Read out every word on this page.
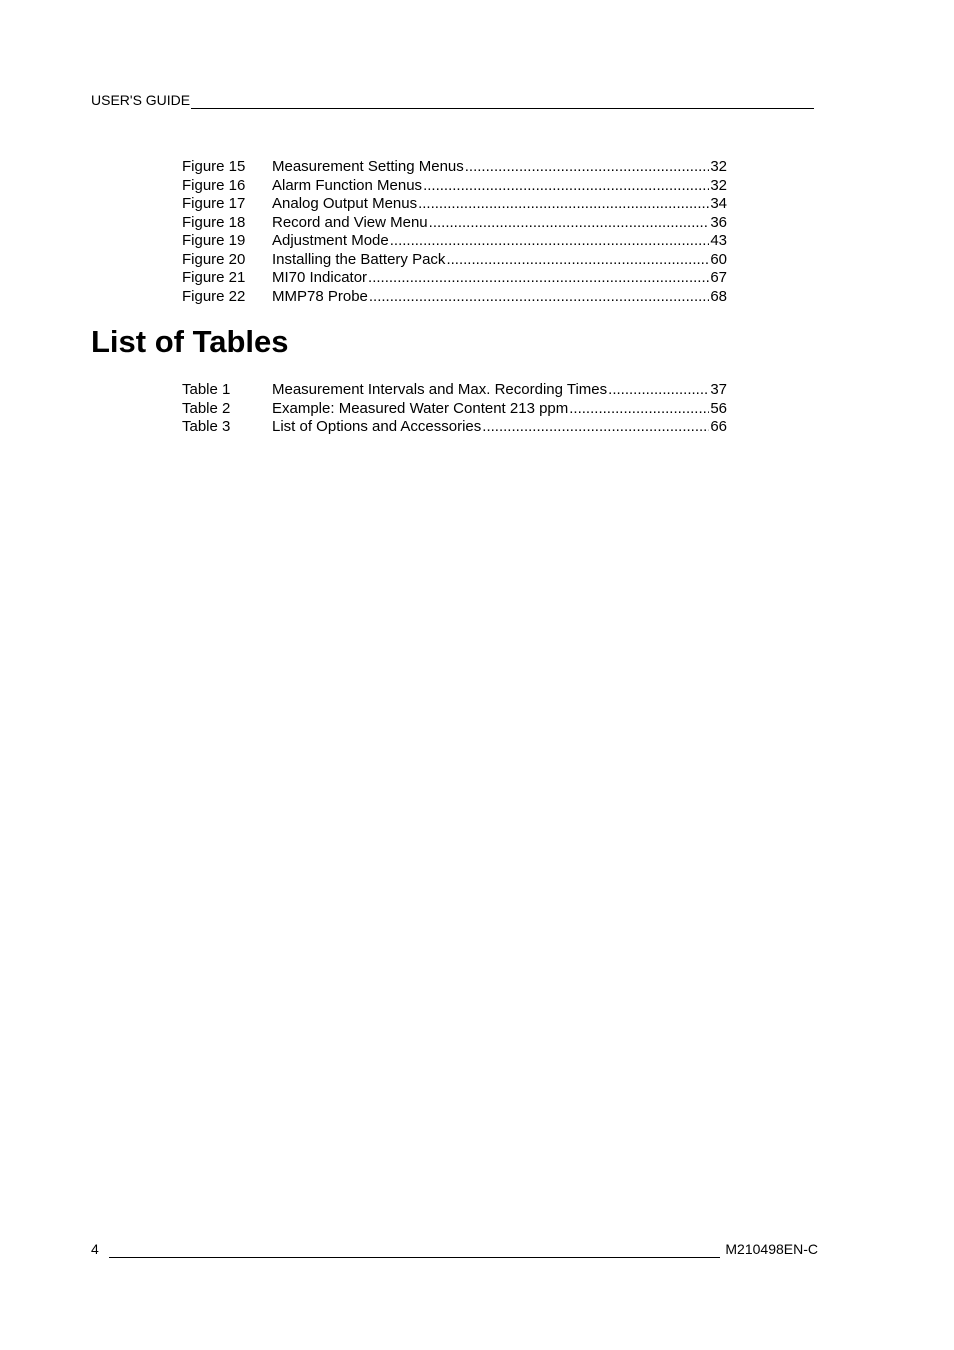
USER'S GUIDE
Figure 15	Measurement Setting Menus .....	32
Figure 16	Alarm Function Menus .....	32
Figure 17	Analog Output Menus .....	34
Figure 18	Record and View Menu .....	36
Figure 19	Adjustment Mode .....	43
Figure 20	Installing the Battery Pack .....	60
Figure 21	MI70 Indicator .....	67
Figure 22	MMP78 Probe .....	68
List of Tables
Table 1	Measurement Intervals and Max. Recording Times .....	37
Table 2	Example: Measured Water Content 213 ppm .....	56
Table 3	List of Options and Accessories .....	66
4	M210498EN-C
